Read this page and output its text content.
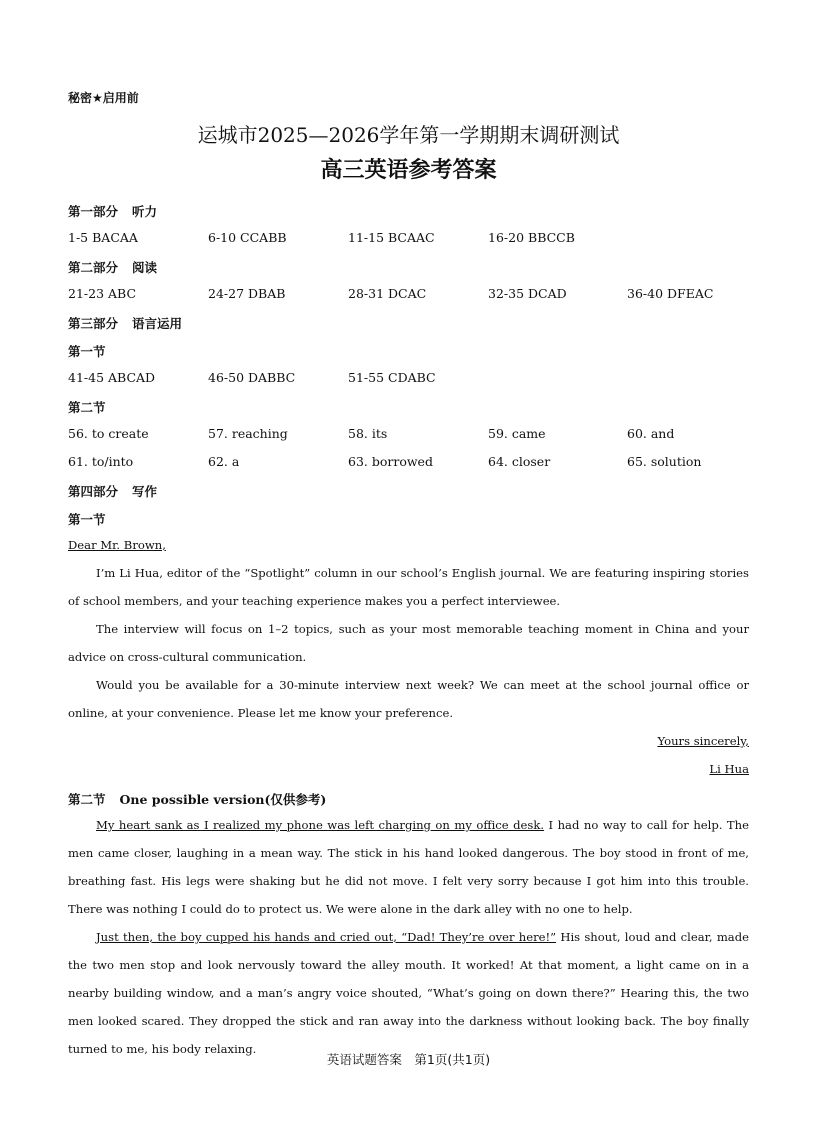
秘密★启用前
运城市2025—2026学年第一学期期末调研测试
高三英语参考答案
第一部分 听力
1-5 BACAA	6-10 CCABB	11-15 BCAAC	16-20 BBCCB
第二部分 阅读
21-23 ABC	24-27 DBAB	28-31 DCAC	32-35 DCAD	36-40 DFEAC
第三部分 语言运用
第一节
41-45 ABCAD	46-50 DABBC	51-55 CDABC
第二节
56. to create	57. reaching	58. its	59. came	60. and
61. to/into	62. a	63. borrowed	64. closer	65. solution
第四部分 写作
第一节

Dear Mr. Brown,

I’m Li Hua, editor of the “Spotlight” column in our school’s English journal. We are featuring inspiring stories of school members, and your teaching experience makes you a perfect interviewee.

The interview will focus on 1–2 topics, such as your most memorable teaching moment in China and your advice on cross-cultural communication.

Would you be available for a 30-minute interview next week? We can meet at the school journal office or online, at your convenience. Please let me know your preference.

Yours sincerely,

Li Hua

第二节 One possible version(仅供参考)

My heart sank as I realized my phone was left charging on my office desk. I had no way to call for help. The men came closer, laughing in a mean way. The stick in his hand looked dangerous. The boy stood in front of me, breathing fast. His legs were shaking but he did not move. I felt very sorry because I got him into this trouble. There was nothing I could do to protect us. We were alone in the dark alley with no one to help.

Just then, the boy cupped his hands and cried out, “Dad! They’re over here!” His shout, loud and clear, made the two men stop and look nervously toward the alley mouth. It worked! At that moment, a light came on in a nearby building window, and a man’s angry voice shouted, “What’s going on down there?” Hearing this, the two men looked scared. They dropped the stick and ran away into the darkness without looking back. The boy finally turned to me, his body relaxing.

英语试题答案　第1页(共1页)
